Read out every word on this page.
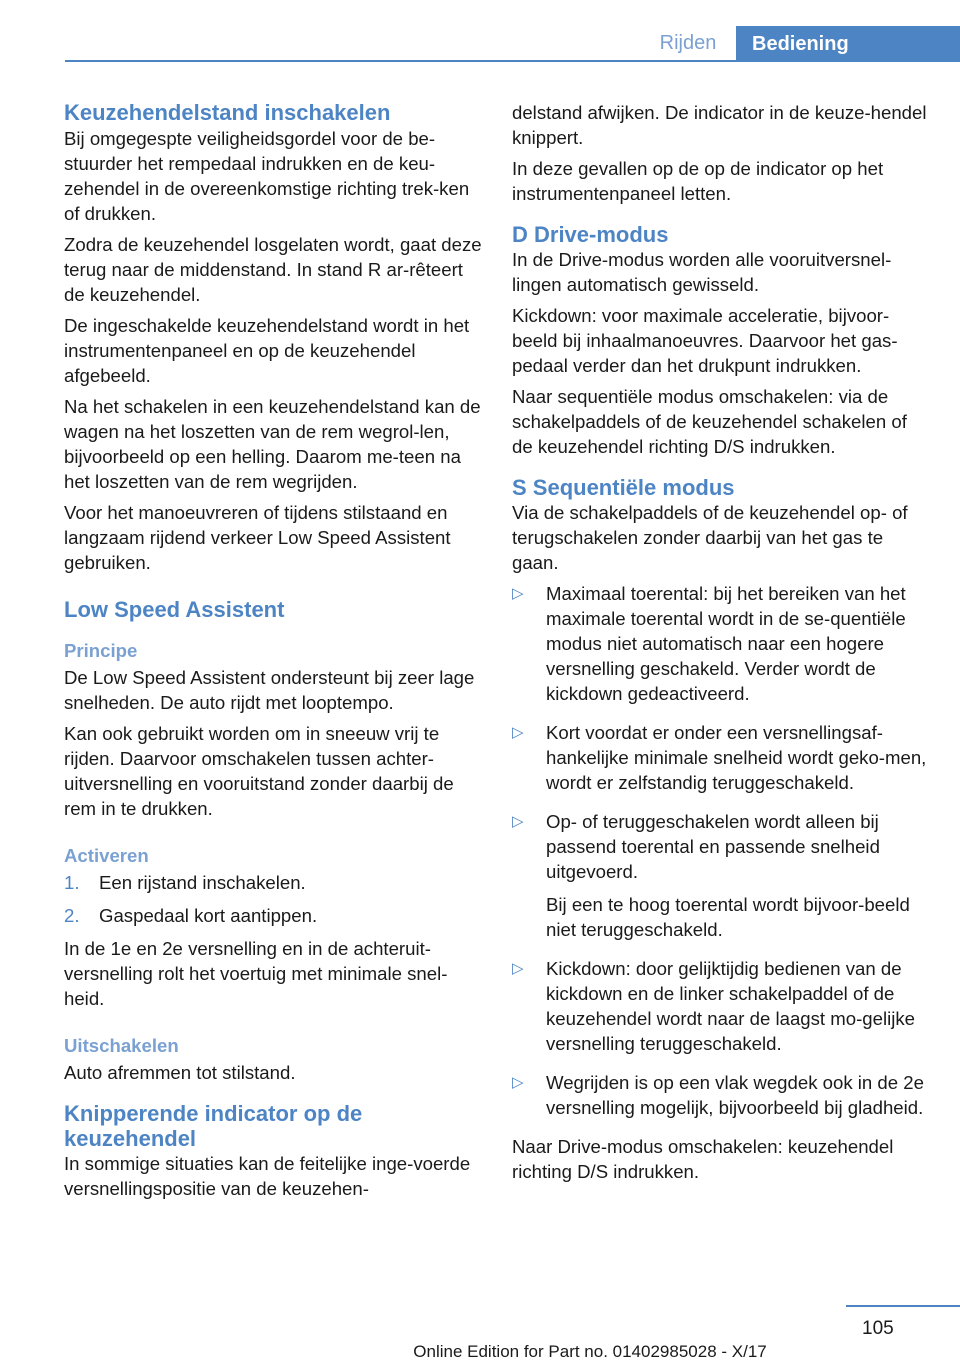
Rijden	Bediening
Keuzehendelstand inschakelen

Bij omgegespte veiligheidsgordel voor de be-stuurder het rempedaal indrukken en de keu-zehendel in de overeenkomstige richting trek-ken of drukken.

Zodra de keuzehendel losgelaten wordt, gaat deze terug naar de middenstand. In stand R ar-rêteert de keuzehendel.

De ingeschakelde keuzehendelstand wordt in het instrumentenpaneel en op de keuzehendel afgebeeld.

Na het schakelen in een keuzehendelstand kan de wagen na het loszetten van de rem wegrol-len, bijvoorbeeld op een helling. Daarom me-teen na het loszetten van de rem wegrijden.

Voor het manoeuvreren of tijdens stilstaand en langzaam rijdend verkeer Low Speed Assistent gebruiken.

Low Speed Assistent
Principe

De Low Speed Assistent ondersteunt bij zeer lage snelheden. De auto rijdt met looptempo.

Kan ook gebruikt worden om in sneeuw vrij te rijden. Daarvoor omschakelen tussen achter-uitversnelling en vooruitstand zonder daarbij de rem in te drukken.

Activeren
1. Een rijstand inschakelen.
2. Gaspedaal kort aantippen.

In de 1e en 2e versnelling en in de achteruit-versnelling rolt het voertuig met minimale snel-heid.

Uitschakelen

Auto afremmen tot stilstand.

Knipperende indicator op de keuzehendel

In sommige situaties kan de feitelijke inge-voerde versnellingspositie van de keuzehen-

delstand afwijken. De indicator in de keuze-hendel knippert.

In deze gevallen op de op de indicator op het instrumentenpaneel letten.

D Drive-modus

In de Drive-modus worden alle vooruitversnel-lingen automatisch gewisseld.

Kickdown: voor maximale acceleratie, bijvoor-beeld bij inhaalmanoeuvres. Daarvoor het gas-pedaal verder dan het drukpunt indrukken.

Naar sequentiële modus omschakelen: via de schakelpaddels of de keuzehendel schakelen of de keuzehendel richting D/S indrukken.

S Sequentiële modus

Via de schakelpaddels of de keuzehendel op- of terugschakelen zonder daarbij van het gas te gaan.

▷ Maximaal toerental: bij het bereiken van het maximale toerental wordt in de se-quentiële modus niet automatisch naar een hogere versnelling geschakeld. Verder wordt de kickdown gedeactiveerd.

▷ Kort voordat er onder een versnellingsaf-hankelijke minimale snelheid wordt geko-men, wordt er zelfstandig teruggeschakeld.

▷ Op- of teruggeschakelen wordt alleen bij passend toerental en passende snelheid uitgevoerd.

Bij een te hoog toerental wordt bijvoor-beeld niet teruggeschakeld.

▷ Kickdown: door gelijktijdig bedienen van de kickdown en de linker schakelpaddel of de keuzehendel wordt naar de laagst mo-gelijke versnelling teruggeschakeld.

▷ Wegrijden is op een vlak wegdek ook in de 2e versnelling mogelijk, bijvoorbeeld bij gladheid.

Naar Drive-modus omschakelen: keuzehendel richting D/S indrukken.

105
Online Edition for Part no. 01402985028 - X/17
